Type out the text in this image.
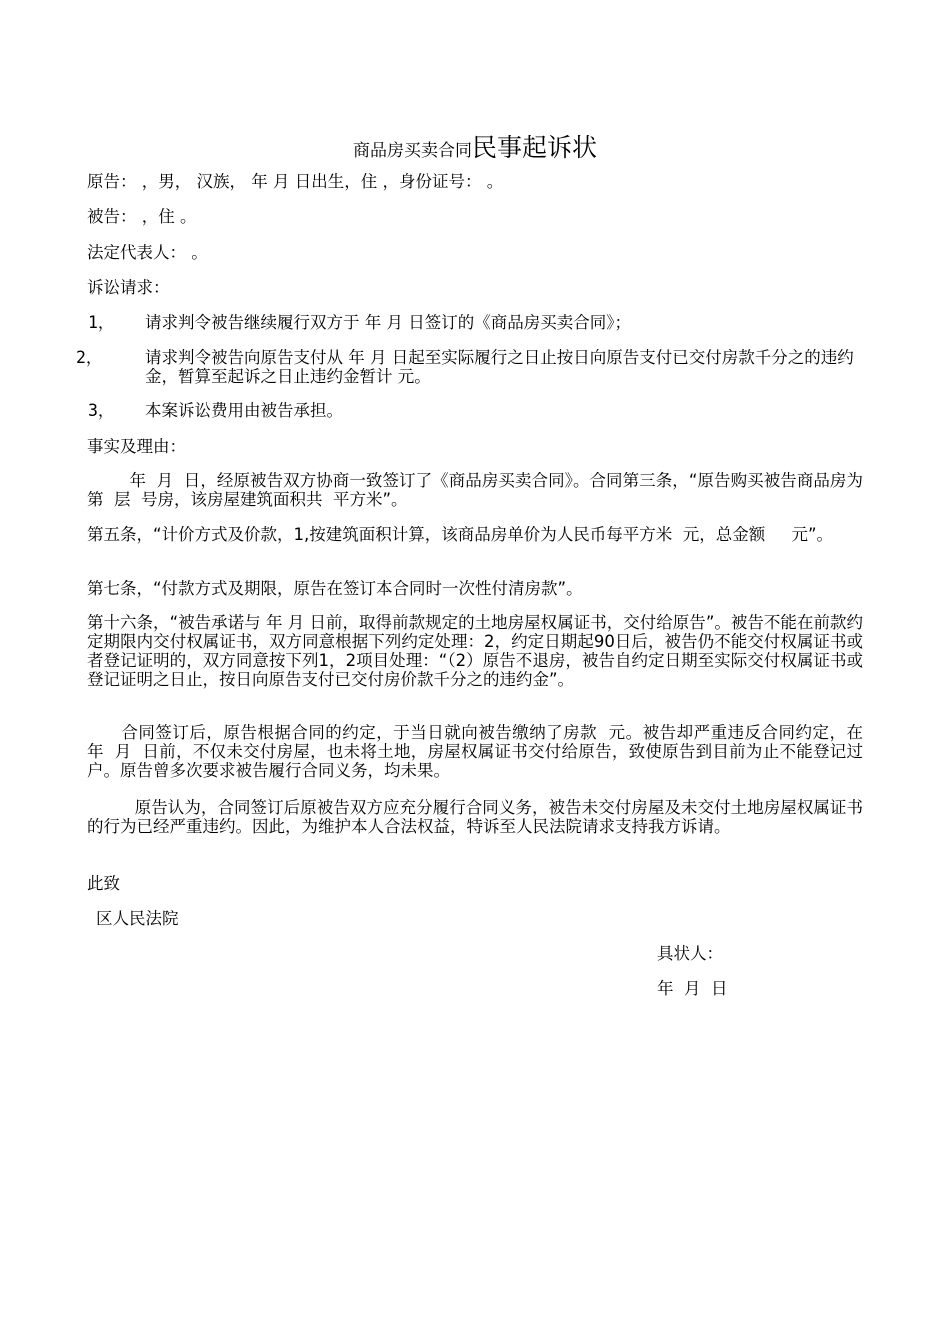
商品房买卖合同民事起诉状
原告： ，男， 汉族， 年 月 日出生，住 ，身份证号： 。
被告： ，住 。
法定代表人： 。
诉讼请求：
1， 请求判令被告继续履行双方于 年 月 日签订的《商品房买卖合同》；
2，	请求判令被告向原告支付从 年 月 日起至实际履行之日止按日向原告支付已交付房款千分之的违约金，暂算至起诉之日止违约金暂计 元。
3， 本案诉讼费用由被告承担。
事实及理由：
年  月  日，经原被告双方协商一致签订了《商品房买卖合同》。合同第三条，“原告购买被告商品房为第  层  号房，该房屋建筑面积共  平方米”。
第五条，“计价方式及价款，1,按建筑面积计算，该商品房单价为人民币每平方米  元，总金额     元”。
第七条，“付款方式及期限，原告在签订本合同时一次性付清房款”。
第十六条，“被告承诺与 年 月 日前，取得前款规定的土地房屋权属证书，交付给原告”。被告不能在前款约定期限内交付权属证书，双方同意根据下列约定处理：2，约定日期起90日后，被告仍不能交付权属证书或者登记证明的，双方同意按下列1，2项目处理：“（2）原告不退房，被告自约定日期至实际交付权属证书或登记证明之日止，按日向原告支付已交付房价款千分之的违约金”。
合同签订后，原告根据合同的约定，于当日就向被告缴纳了房款  元。被告却严重违反合同约定，在  年  月  日前，不仅未交付房屋，也未将土地，房屋权属证书交付给原告，致使原告到目前为止不能登记过户。原告曾多次要求被告履行合同义务，均未果。
原告认为，合同签订后原被告双方应充分履行合同义务，被告未交付房屋及未交付土地房屋权属证书的行为已经严重违约。因此，为维护本人合法权益，特诉至人民法院请求支持我方诉请。
此致
区人民法院
具状人：
年  月  日
